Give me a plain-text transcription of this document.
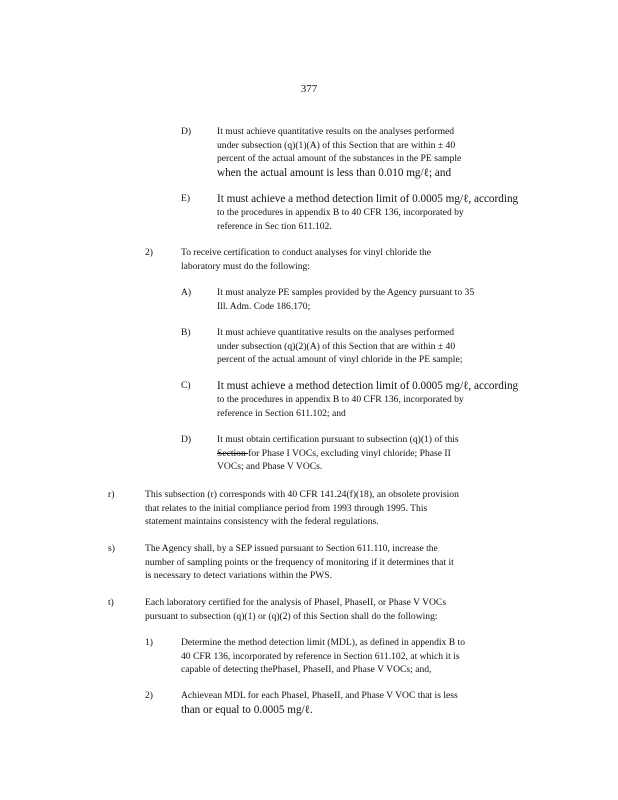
377
D)	It must achieve quantitative results on the analyses performed
under subsection (q)(1)(A) of this Section that are within ± 40
percent of the actual amount of the substances in the PE sample
when the actual amount is less than 0.010 mg/ℓ; and
E) It must achieve a method detection limit of 0.0005 mg/ℓ, according
to the procedures in appendix B to 40 CFR 136, incorporated by
reference in Sec tion 611.102.
2)	To receive certification to conduct analyses for vinyl chloride the
laboratory must do the following:
A)	It must analyze PE samples provided by the Agency pursuant to 35
Ill. Adm. Code 186.170;
B)	It must achieve quantitative results on the analyses performed
under subsection (q)(2)(A) of this Section that are within ± 40
percent of the actual amount of vinyl chloride in the PE sample;
C) It must achieve a method detection limit of 0.0005 mg/ℓ, according
to the procedures in appendix B to 40 CFR 136, incorporated by
reference in Section 611.102; and
D)	It must obtain certification pursuant to subsection (q)(1) of this
Section for Phase I VOCs, excluding vinyl chloride; Phase II
VOCs; and Phase V VOCs.
r)	This subsection (r) corresponds with 40 CFR 141.24(f)(18), an obsolete provision
that relates to the initial compliance period from 1993 through 1995. This
statement maintains consistency with the federal regulations.
s)	The Agency shall, by a SEP issued pursuant to Section 611.110, increase the
number of sampling points or the frequency of monitoring if it determines that it
is necessary to detect variations within the PWS.
t)	Each laboratory certified for the analysis of PhaseI, PhaseII, or Phase V VOCs
pursuant to subsection (q)(1) or (q)(2) of this Section shall do the following:
1)	Determine the method detection limit (MDL), as defined in appendix B to
40 CFR 136, incorporated by reference in Section 611.102, at which it is
capable of detecting thePhaseI, PhaseII, and Phase V VOCs; and,
2)	Achievean MDL for each PhaseI, PhaseII, and Phase V VOC that is less
than or equal to 0.0005 mg/ℓ.
